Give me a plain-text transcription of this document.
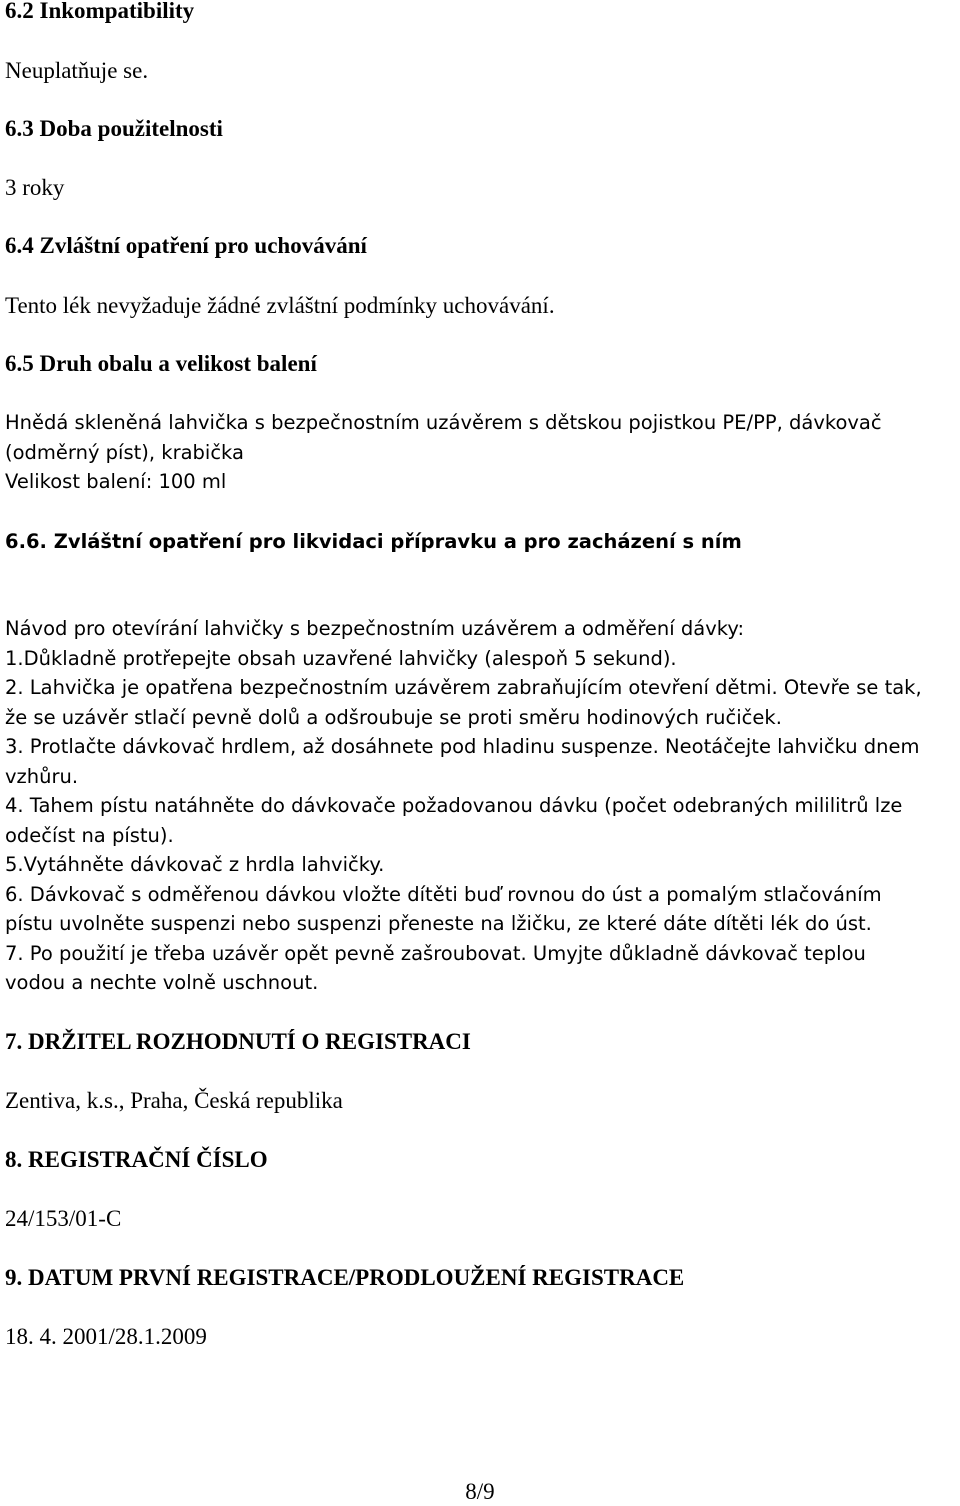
6.2 Inkompatibility

Neuplatňuje se.

6.3 Doba použitelnosti

3 roky

6.4 Zvláštní opatření pro uchovávání

Tento lék nevyžaduje žádné zvláštní podmínky uchovávání.

6.5 Druh obalu a velikost balení

Hnědá skleněná lahvička s bezpečnostním uzávěrem s dětskou pojistkou PE/PP, dávkovač
(odměrný píst), krabička
Velikost balení: 100 ml

6.6. Zvláštní opatření pro likvidaci přípravku a pro zacházení s ním

Návod pro otevírání lahvičky s bezpečnostním uzávěrem a odměření dávky:
1.Důkladně protřepejte obsah uzavřené lahvičky (alespoň 5 sekund).
2. Lahvička je opatřena bezpečnostním uzávěrem zabraňujícím otevření dětmi. Otevře se tak,
že se uzávěr stlačí pevně dolů a odšroubuje se proti směru hodinových ručiček.
3. Protlačte dávkovač hrdlem, až dosáhnete pod hladinu suspenze. Neotáčejte lahvičku dnem
vzhůru.
4. Tahem pístu natáhněte do dávkovače požadovanou dávku (počet odebraných mililitrů lze
odečíst na pístu).
5.Vytáhněte dávkovač z hrdla lahvičky.
6. Dávkovač s odměřenou dávkou vložte dítěti buď rovnou do úst a pomalým stlačováním
pístu uvolněte suspenzi nebo suspenzi přeneste na lžičku, ze které dáte dítěti lék do úst.
7. Po použití je třeba uzávěr opět pevně zašroubovat. Umyjte důkladně dávkovač teplou
vodou a nechte volně uschnout.

7. DRŽITEL ROZHODNUTÍ O REGISTRACI

Zentiva, k.s., Praha, Česká republika

8. REGISTRAČNÍ ČÍSLO

24/153/01-C

9. DATUM PRVNÍ REGISTRACE/PRODLOUŽENÍ REGISTRACE

18. 4. 2001/28.1.2009

8/9
